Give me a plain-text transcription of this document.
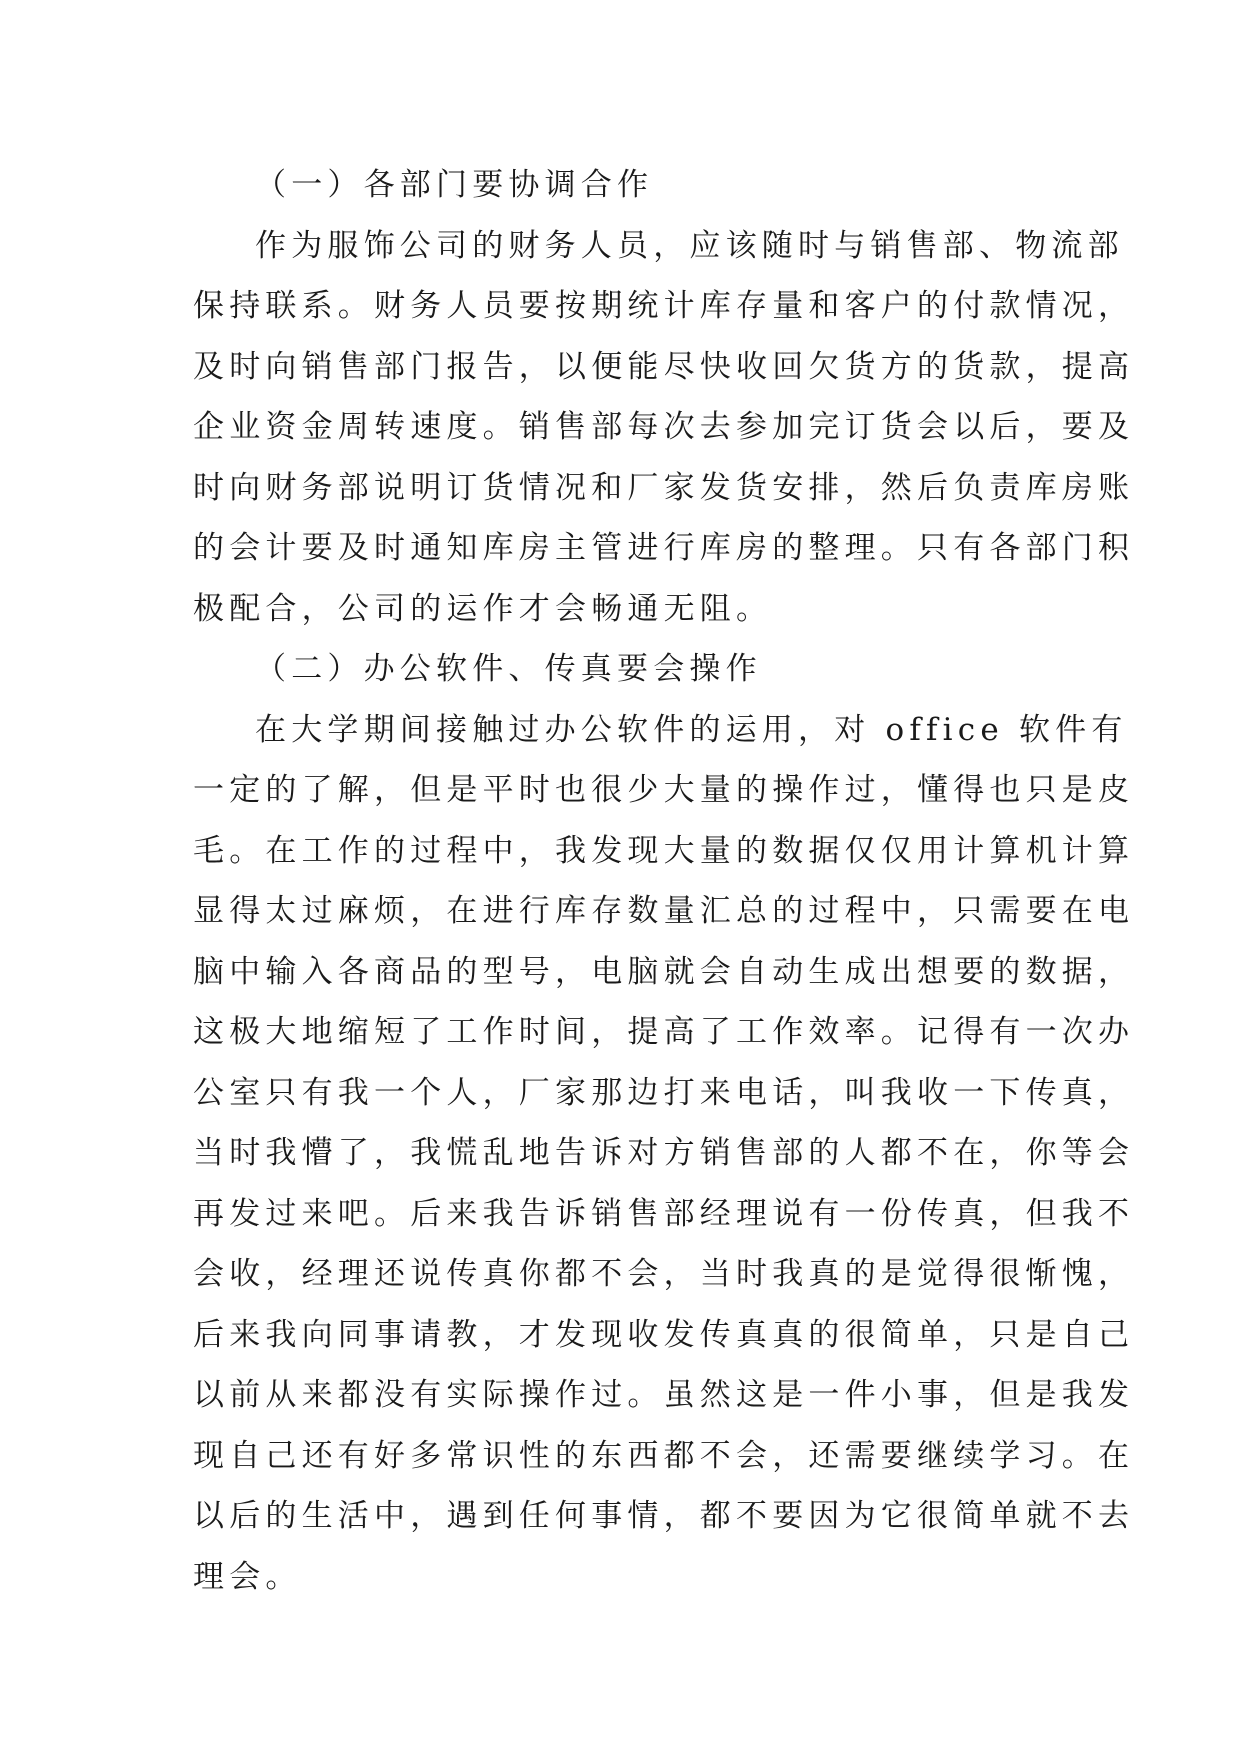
（一）各部门要协调合作
作为服饰公司的财务人员，应该随时与销售部、物流部
保持联系。财务人员要按期统计库存量和客户的付款情况，
及时向销售部门报告，以便能尽快收回欠货方的货款，提高
企业资金周转速度。销售部每次去参加完订货会以后，要及
时向财务部说明订货情况和厂家发货安排，然后负责库房账
的会计要及时通知库房主管进行库房的整理。只有各部门积
极配合，公司的运作才会畅通无阻。
（二）办公软件、传真要会操作
在大学期间接触过办公软件的运用，对 office 软件有
一定的了解，但是平时也很少大量的操作过，懂得也只是皮
毛。在工作的过程中，我发现大量的数据仅仅用计算机计算
显得太过麻烦，在进行库存数量汇总的过程中，只需要在电
脑中输入各商品的型号，电脑就会自动生成出想要的数据，
这极大地缩短了工作时间，提高了工作效率。记得有一次办
公室只有我一个人，厂家那边打来电话，叫我收一下传真，
当时我懵了，我慌乱地告诉对方销售部的人都不在，你等会
再发过来吧。后来我告诉销售部经理说有一份传真，但我不
会收，经理还说传真你都不会，当时我真的是觉得很惭愧，
后来我向同事请教，才发现收发传真真的很简单，只是自己
以前从来都没有实际操作过。虽然这是一件小事，但是我发
现自己还有好多常识性的东西都不会，还需要继续学习。在
以后的生活中，遇到任何事情，都不要因为它很简单就不去
理会。
